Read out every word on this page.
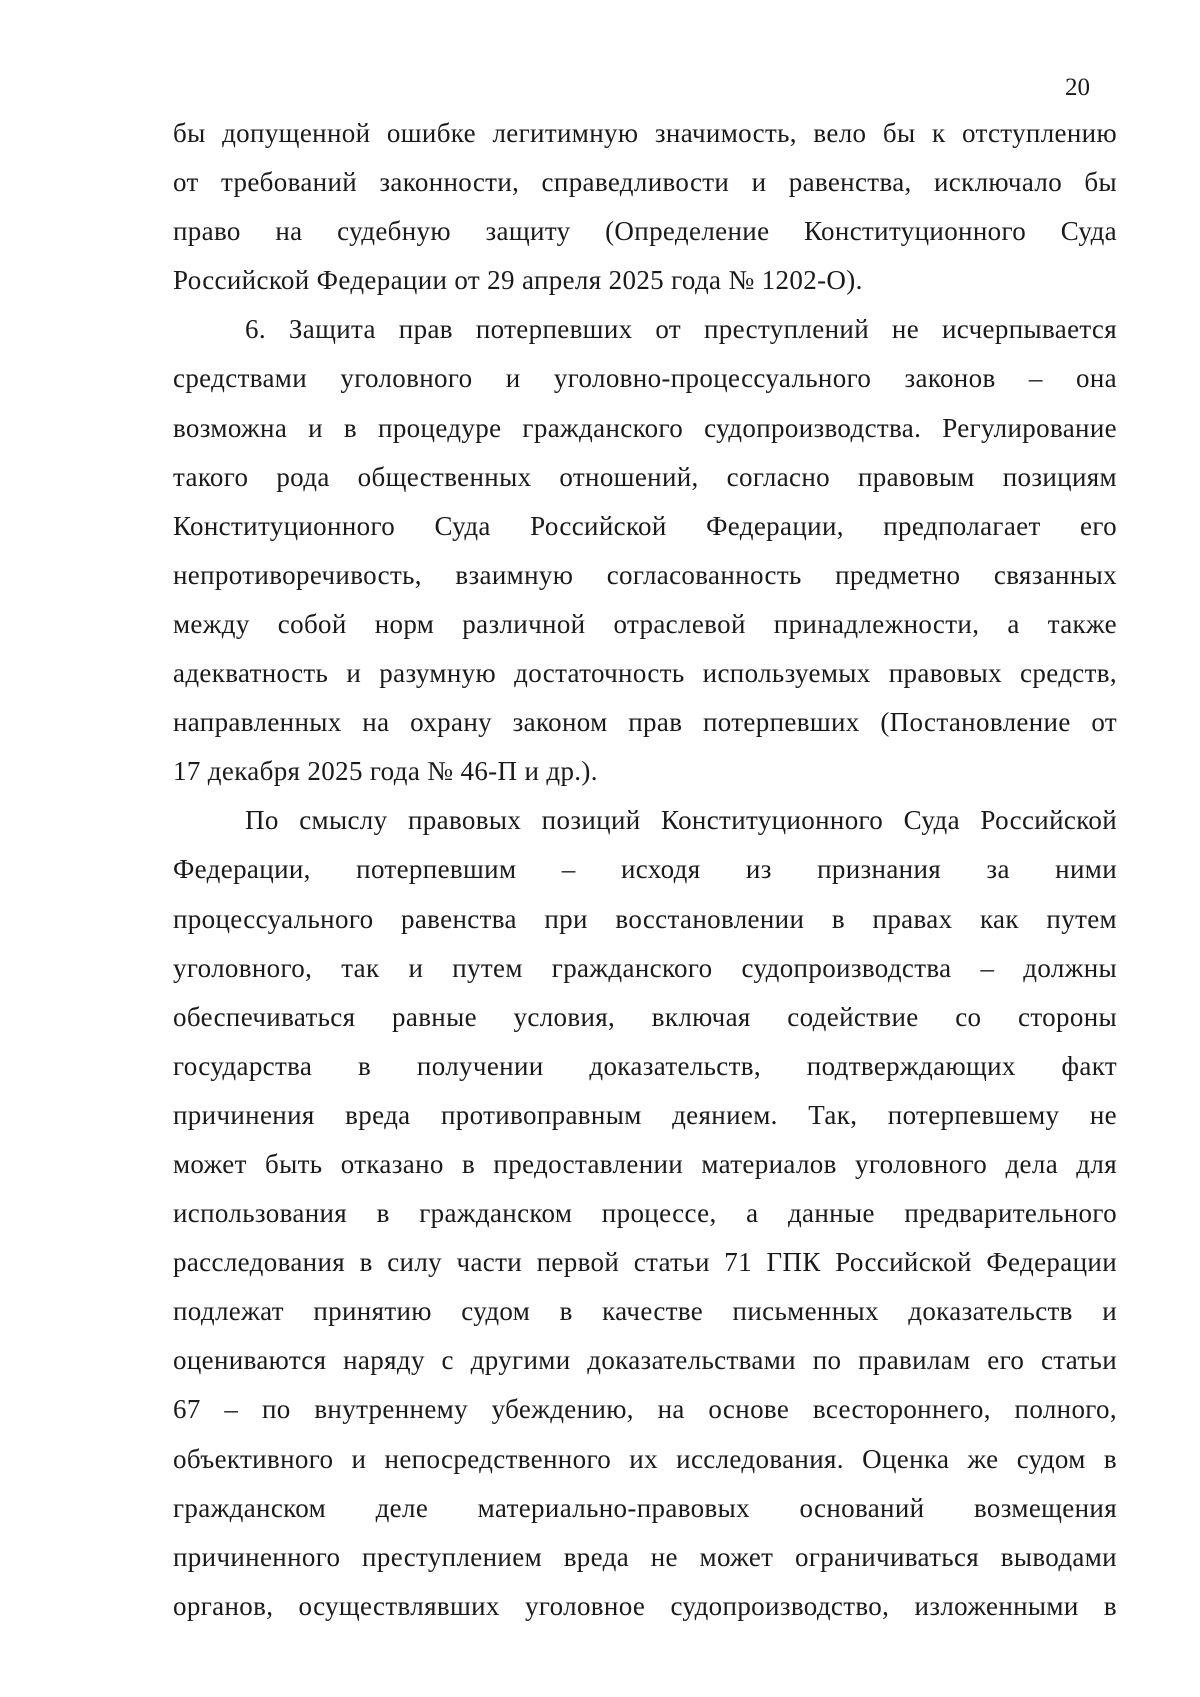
20

бы допущенной ошибке легитимную значимость, вело бы к отступлению

от требований законности, справедливости и равенства, исключало бы

право на судебную защиту (Определение Конституционного Суда

Российской Федерации от 29 апреля 2025 года № 1202-О).

6. Защита прав потерпевших от преступлений не исчерпывается

средствами уголовного и уголовно-процессуального законов – она

возможна и в процедуре гражданского судопроизводства. Регулирование

такого рода общественных отношений, согласно правовым позициям

Конституционного Суда Российской Федерации, предполагает его

непротиворечивость, взаимную согласованность предметно связанных

между собой норм различной отраслевой принадлежности, а также

адекватность и разумную достаточность используемых правовых средств,

направленных на охрану законом прав потерпевших (Постановление от

17 декабря 2025 года № 46-П и др.).

По смыслу правовых позиций Конституционного Суда Российской

Федерации, потерпевшим – исходя из признания за ними

процессуального равенства при восстановлении в правах как путем

уголовного, так и путем гражданского судопроизводства – должны

обеспечиваться равные условия, включая содействие со стороны

государства в получении доказательств, подтверждающих факт

причинения вреда противоправным деянием. Так, потерпевшему не

может быть отказано в предоставлении материалов уголовного дела для

использования в гражданском процессе, а данные предварительного

расследования в силу части первой статьи 71 ГПК Российской Федерации

подлежат принятию судом в качестве письменных доказательств и

оцениваются наряду с другими доказательствами по правилам его статьи

67 – по внутреннему убеждению, на основе всестороннего, полного,

объективного и непосредственного их исследования. Оценка же судом в

гражданском деле материально-правовых оснований возмещения

причиненного преступлением вреда не может ограничиваться выводами

органов, осуществлявших уголовное судопроизводство, изложенными в
